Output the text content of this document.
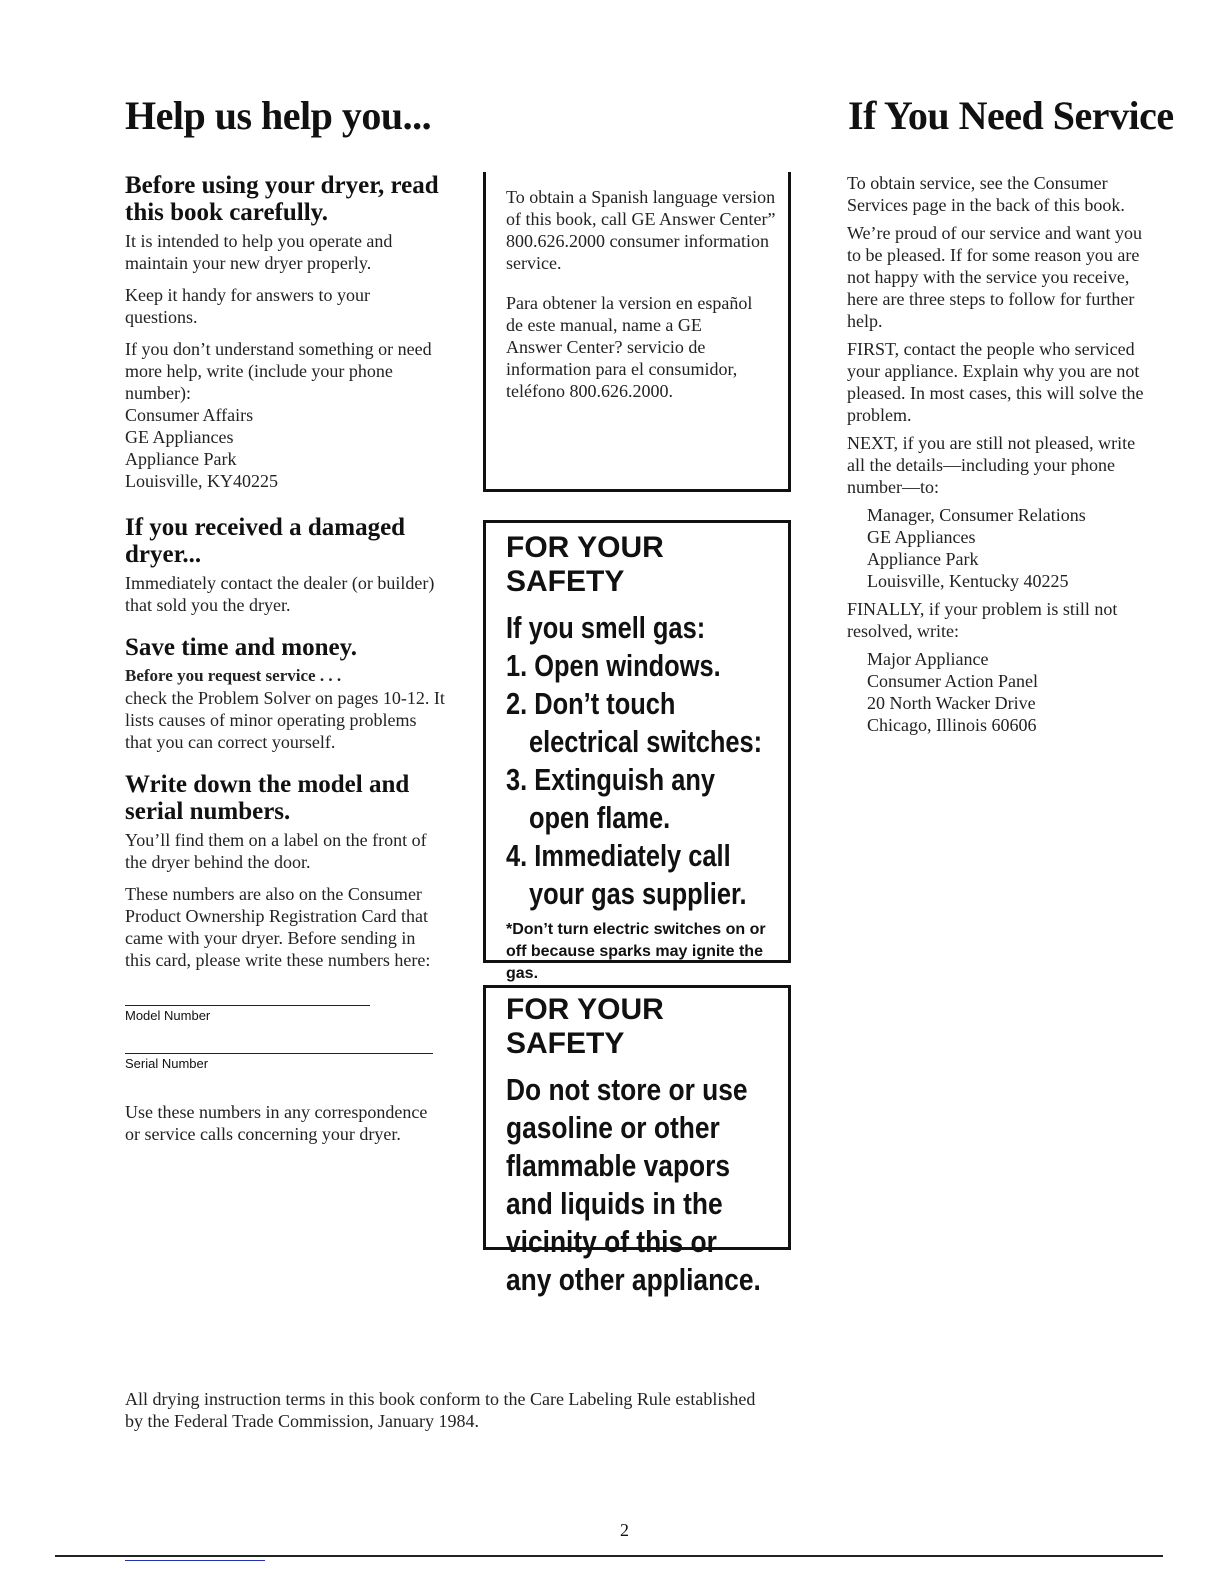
Help us help you...	If You Need Service
Before using your dryer, read this book carefully.

It is intended to help you operate and maintain your new dryer properly.

Keep it handy for answers to your questions.

If you don’t understand something or need more help, write (include your phone number):

Consumer Affairs

GE Appliances

Appliance Park

Louisville, KY40225

If you received a damaged dryer...

Immediately contact the dealer (or builder) that sold you the dryer.

Save time and money.

Before you request service . . .

check the Problem Solver on pages 10-12. It lists causes of minor operating problems that you can correct yourself.

Write down the model and serial numbers.

You’ll find them on a label on the front of the dryer behind the door.

These numbers are also on the Consumer Product Ownership Registration Card that came with your dryer. Before sending in this card, please write these numbers here:

Model Number
Serial Number

Use these numbers in any correspondence or service calls concerning your dryer.

To obtain a Spanish language version of this book, call GE Answer Center” 800.626.2000 consumer information service.

Para obtener la version en español de este manual, name a GE Answer Center? servicio de information para el consumidor, teléfono 800.626.2000.

FOR YOUR SAFETY
If you smell gas:
1. Open windows.
2. Don’t touch
electrical switches:
3. Extinguish any
open flame.
4. Immediately call
your gas supplier.
*Don’t turn electric switches on or off because sparks may ignite the gas.
FOR YOUR SAFETY
Do not store or use gasoline or other flammable vapors and liquids in the vicinity of this or any other appliance.

To obtain service, see the Consumer Services page in the back of this book.

We’re proud of our service and want you to be pleased. If for some reason you are not happy with the service you receive, here are three steps to follow for further help.

FIRST, contact the people who serviced your appliance. Explain why you are not pleased. In most cases, this will solve the problem.

NEXT, if you are still not pleased, write all the details—including your phone number—to:

Manager, Consumer Relations

GE Appliances

Appliance Park

Louisville, Kentucky 40225

FINALLY, if your problem is still not resolved, write:

Major Appliance

Consumer Action Panel

20 North Wacker Drive

Chicago, Illinois 60606

All drying instruction terms in this book conform to the Care Labeling Rule established by the Federal Trade Commission, January 1984.

2
